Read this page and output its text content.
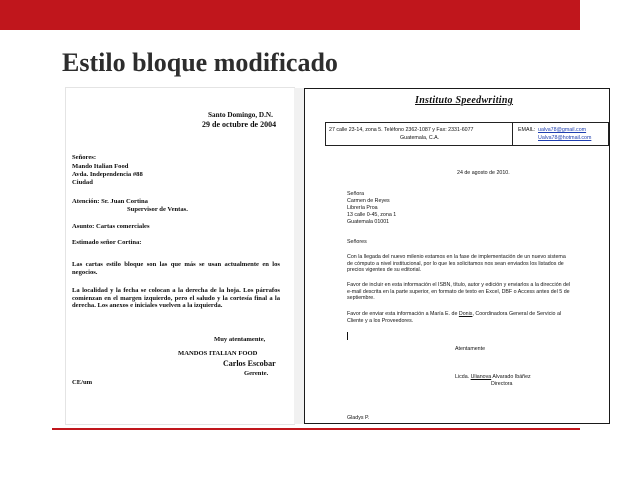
Estilo bloque modificado
Santo Domingo, D.N.
29 de octubre de 2004
Señores:
Mando Italian Food
Avda. Independencia #88
Ciudad
Atención: Sr. Juan Cortina
Supervisor de Ventas.
Asunto: Cartas comerciales
Estimado señor Cortina:
Las cartas estilo bloque son las que más se usan actualmente en los negocios.
La localidad y la fecha se colocan a la derecha de la hoja. Los párrafos comienzan en el margen izquierdo, pero el saludo y la cortesía final a la derecha. Los anexos e iniciales vuelven a la izquierda.
Muy atentamente,
MANDOS ITALIAN FOOD
Carlos Escobar
Gerente.
CE/um
Instituto Speedwriting
27 calle 23-14, zona 5. Teléfono 2362-1087 y Fax: 2331-6077
Guatemala, C.A.
EMAIL: ualva78@gmail.com
Ualva78@hotmail.com
24 de agosto de 2010.
Señora
Carmen de Reyes
Librería Proa
13 calle 0-45, zona 1
Guatemala 01001
Señores
Con la llegada del nuevo milenio estamos en la fase de implementación de un nuevo sistema de cómputo a nivel institucional, por lo que les solicitamos nos sean enviados los listados de precios vigentes de su editorial.
Favor de incluir en esta información el ISBN, título, autor y edición y enviarlos a la dirección del e-mail descrita en la parte superior, en formato de texto en Excel, DBF o Access antes del 5 de septiembre.
Favor de enviar esta información a María E. de Donis, Coordinadora General de Servicio al Cliente y a los Proveedores.
Atentamente
Licda. Ulianova Alvarado Ibáñez
Directora
Gladys P.
